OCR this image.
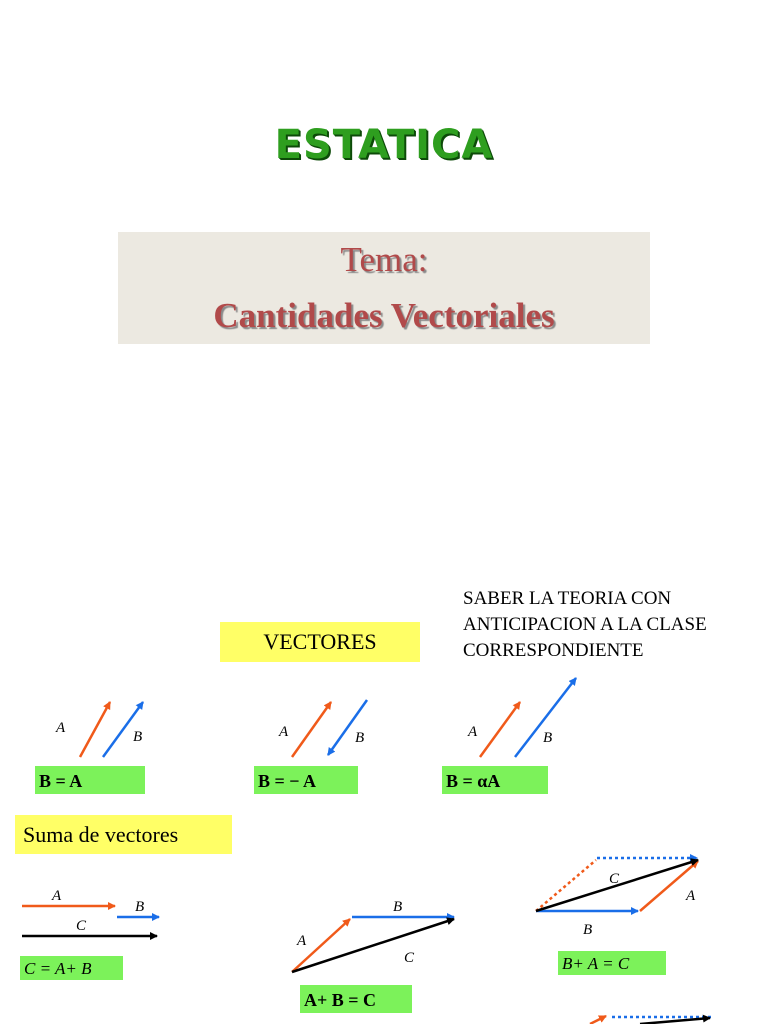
ESTATICA
Tema:
Cantidades Vectoriales
SABER LA TEORIA CON ANTICIPACION A LA CLASE CORRESPONDIENTE
VECTORES
Suma de vectores
B = A	B = − A	B = αA
C = A+ B
A+ B = C
B+ A = C
A
B	A	B	A	B
A
B
C
A
B
C
A
B
C
